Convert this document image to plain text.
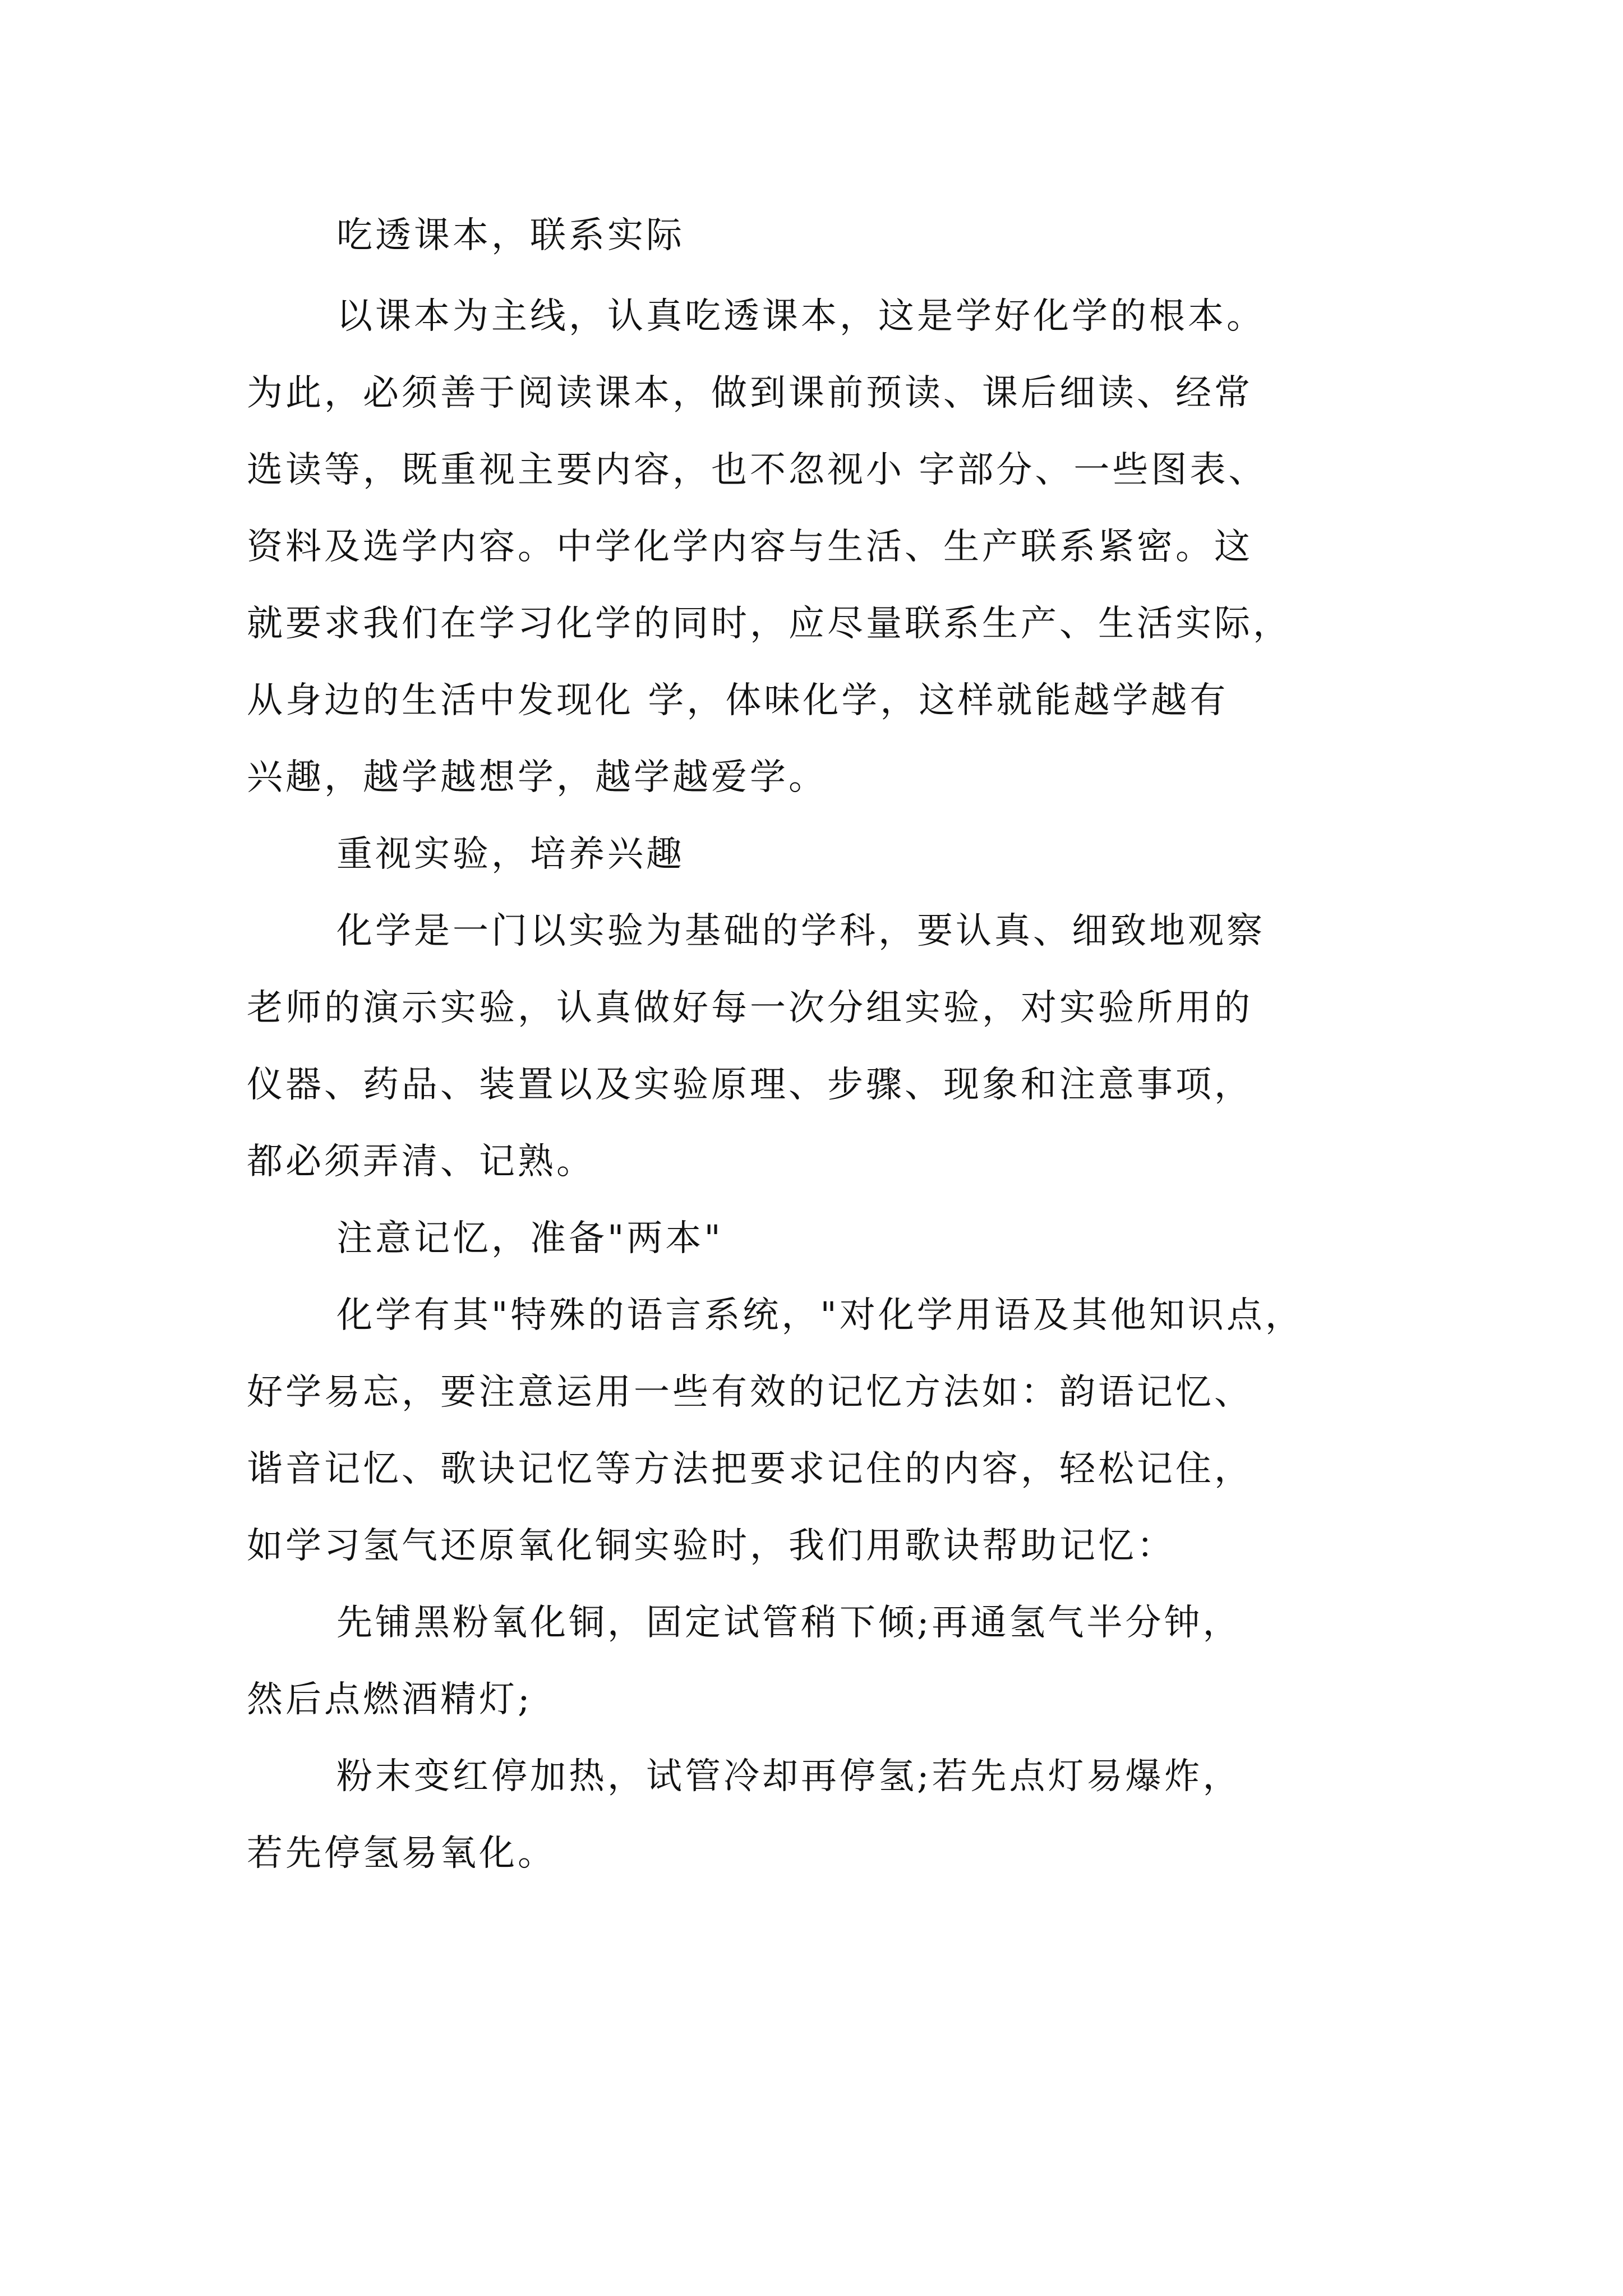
吃透课本，联系实际

以课本为主线，认真吃透课本，这是学好化学的根本。

为此，必须善于阅读课本，做到课前预读、课后细读、经常

选读等，既重视主要内容，也不忽视小 字部分、一些图表、

资料及选学内容。中学化学内容与生活、生产联系紧密。这

就要求我们在学习化学的同时，应尽量联系生产、生活实际，

从身边的生活中发现化 学，体味化学，这样就能越学越有

兴趣，越学越想学，越学越爱学。

重视实验，培养兴趣

化学是一门以实验为基础的学科，要认真、细致地观察

老师的演示实验，认真做好每一次分组实验，对实验所用的

仪器、药品、装置以及实验原理、步骤、现象和注意事项，

都必须弄清、记熟。

注意记忆，准备"两本"

化学有其"特殊的语言系统，"对化学用语及其他知识点，

好学易忘，要注意运用一些有效的记忆方法如：韵语记忆、

谐音记忆、歌诀记忆等方法把要求记住的内容，轻松记住，

如学习氢气还原氧化铜实验时，我们用歌诀帮助记忆：

先铺黑粉氧化铜，固定试管稍下倾;再通氢气半分钟，

然后点燃酒精灯;

粉末变红停加热，试管冷却再停氢;若先点灯易爆炸，

若先停氢易氧化。
